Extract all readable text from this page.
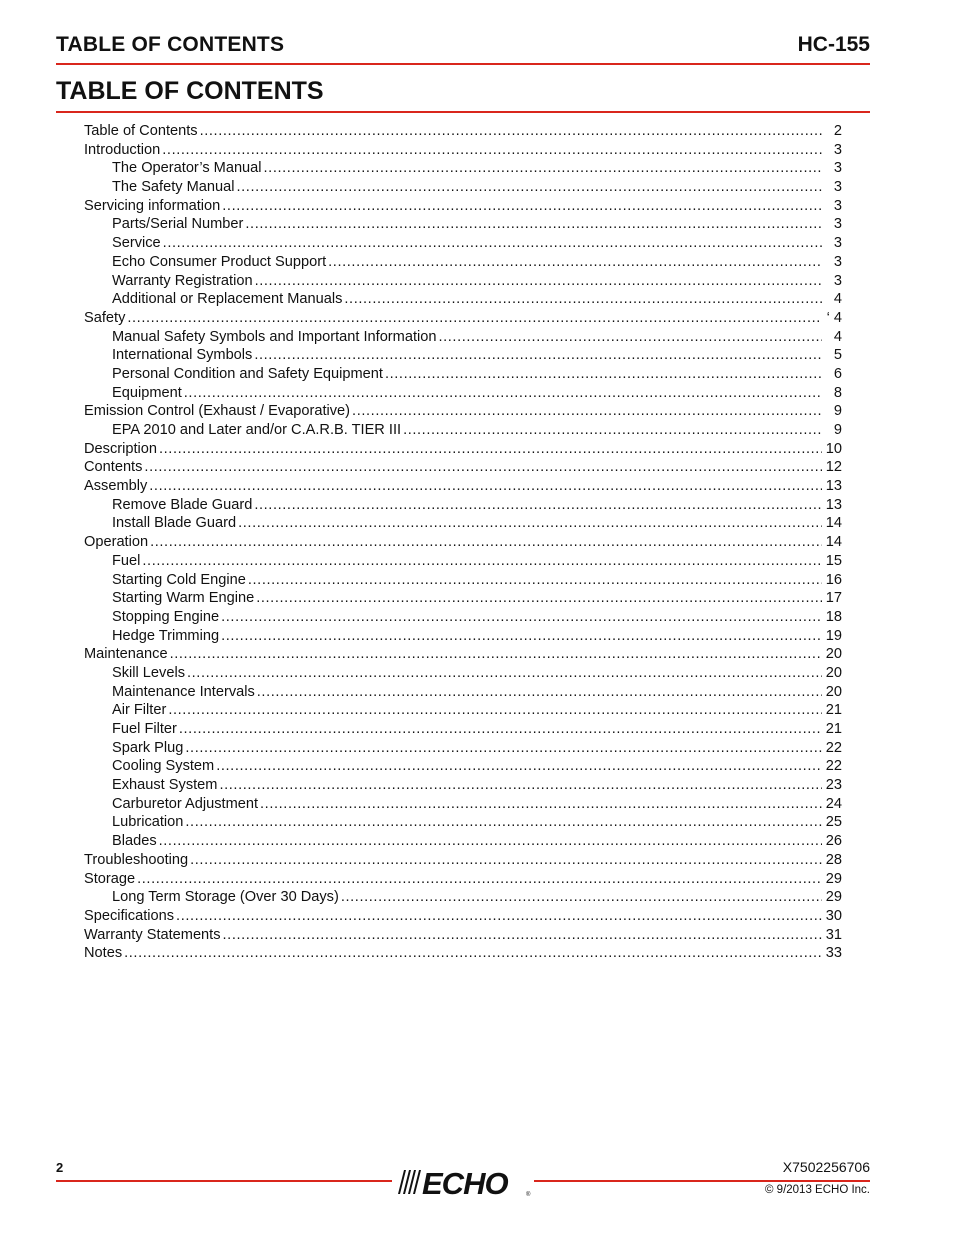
TABLE OF CONTENTS	HC-155
TABLE OF CONTENTS
Table of Contents .....	2
Introduction .....	3
The Operator’s Manual .....	3
The Safety Manual .....	3
Servicing information .....	3
Parts/Serial Number .....	3
Service .....	3
Echo Consumer Product Support .....	3
Warranty Registration .....	3
Additional or Replacement Manuals .....	4
Safety .....	‘ 4
Manual Safety Symbols and Important Information .....	4
International Symbols .....	5
Personal Condition and Safety Equipment .....	6
Equipment .....	8
Emission Control (Exhaust / Evaporative) .....	9
EPA 2010 and Later and/or C.A.R.B. TIER III .....	9
Description .....	10
Contents .....	12
Assembly .....	13
Remove Blade Guard .....	13
Install Blade Guard .....	14
Operation .....	14
Fuel .....	15
Starting Cold Engine .....	16
Starting Warm Engine .....	17
Stopping Engine .....	18
Hedge Trimming .....	19
Maintenance .....	20
Skill Levels .....	20
Maintenance Intervals .....	20
Air Filter .....	21
Fuel Filter .....	21
Spark Plug .....	22
Cooling System .....	22
Exhaust System .....	23
Carburetor Adjustment .....	24
Lubrication .....	25
Blades .....	26
Troubleshooting .....	28
Storage .....	29
Long Term Storage (Over 30 Days) .....	29
Specifications .....	30
Warranty Statements .....	31
Notes .....	33
2	ECHO	®
X7502256706
© 9/2013 ECHO Inc.
